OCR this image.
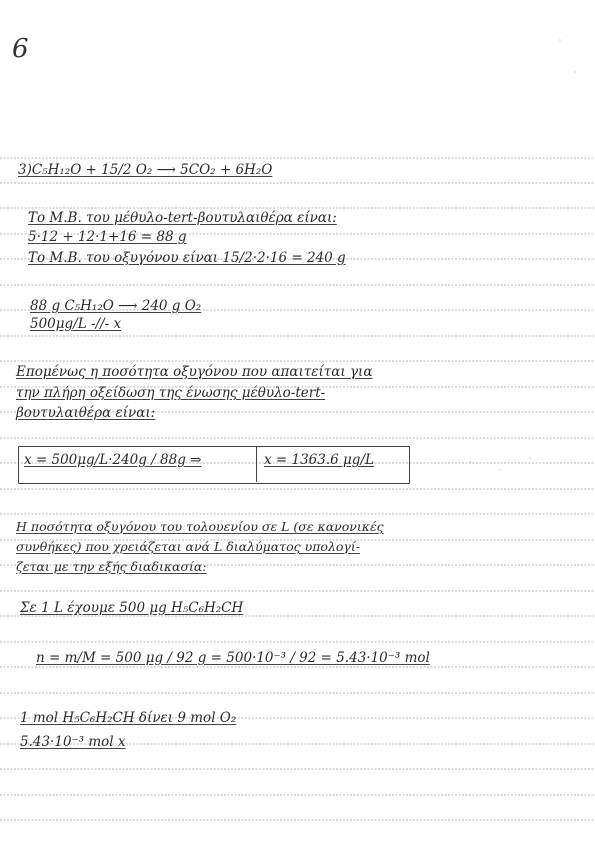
6
3)C₅H₁₂O + 15/2 O₂ ⟶ 5CO₂ + 6H₂O
Το Μ.Β. του μέθυλο-tert-βουτυλαιθέρα είναι:
5·12 + 12·1+16 = 88 g
Το Μ.Β. του οξυγόνου είναι 15/2·2·16 = 240 g
88 g C₅H₁₂O ⟶ 240 g O₂
500μg/L -//- x
Επομένως η ποσότητα οξυγόνου που απαιτείται για
την πλήρη οξείδωση της ένωσης μέθυλο-tert-
βουτυλαιθέρα είναι:
x = 500μg/L·240g / 88g ⇒	x = 1363.6 μg/L
Η ποσότητα οξυγόνου του τολουενίου σε L (σε κανονικές
συνθήκες) που χρειάζεται ανά L διαλύματος υπολογί-
ζεται με την εξής διαδικασία:
Σε 1 L έχουμε 500 μg H₅C₆H₂CH
n = m/M = 500 μg / 92 g = 500·10⁻³ / 92 = 5.43·10⁻³ mol
1 mol H₅C₆H₂CH δίνει 9 mol O₂
5.43·10⁻³ mol x
